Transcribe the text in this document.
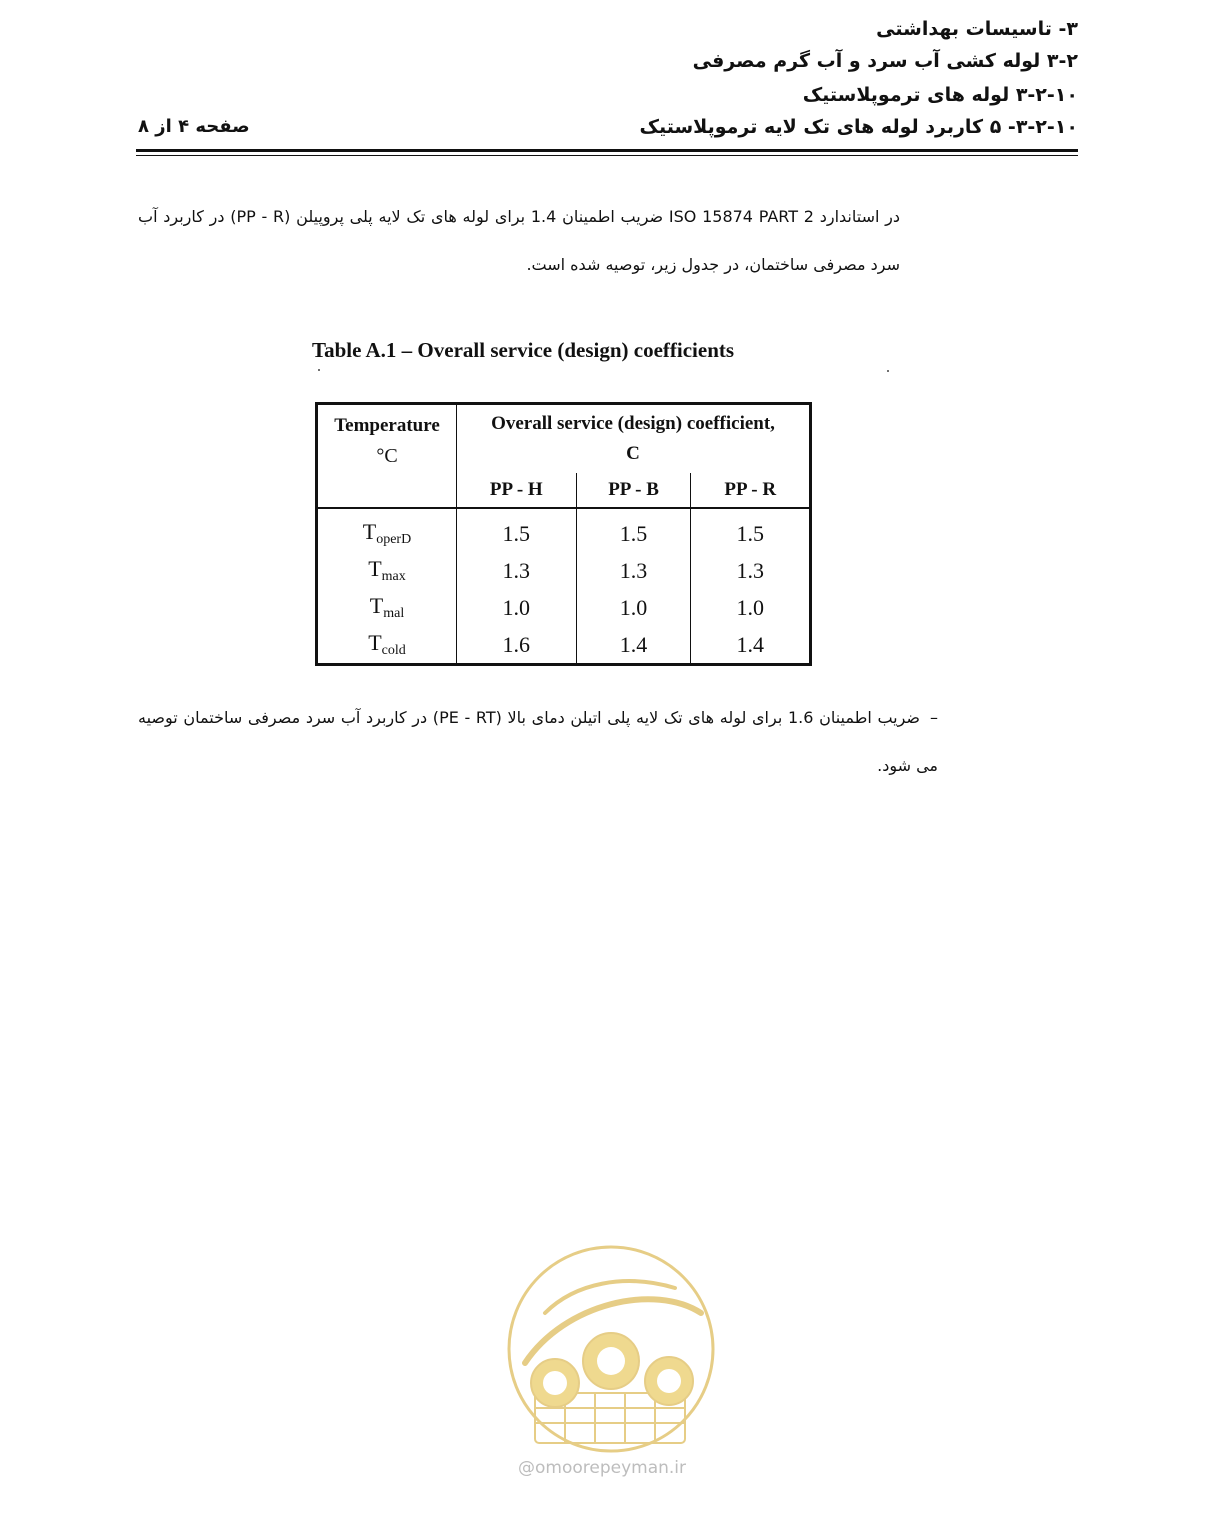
۳- تاسیسات بهداشتی
۳-۲ لوله کشی آب سرد و آب گرم مصرفی
۳-۲-۱۰ لوله های ترموپلاستیک
۳-۲-۱۰- ۵ کاربرد لوله های تک لایه ترموپلاستیک
صفحه ۴ از ۸
در استاندارد ISO 15874 PART 2 ضریب اطمینان 1.4 برای لوله های تک لایه پلی پروپیلن (PP - R) در کاربرد آب سرد مصرفی ساختمان، در جدول زیر، توصیه شده است.
Table A.1 – Overall service (design) coefficients
Temperature
°C	Overall service (design) coefficient,
C		
	PP - H	PP - B	PP - R
$T_{operD}$	1.5	1.5	1.5
$T_{max}$	1.3	1.3	1.3
$T_{mal}$	1.0	1.0	1.0
$T_{cold}$	1.6	1.4	1.4
–ضریب اطمینان 1.6 برای لوله های تک لایه پلی اتیلن دمای بالا (PE - RT) در کاربرد آب سرد مصرفی ساختمان توصیه می شود.
@omoorepeyman.ir
